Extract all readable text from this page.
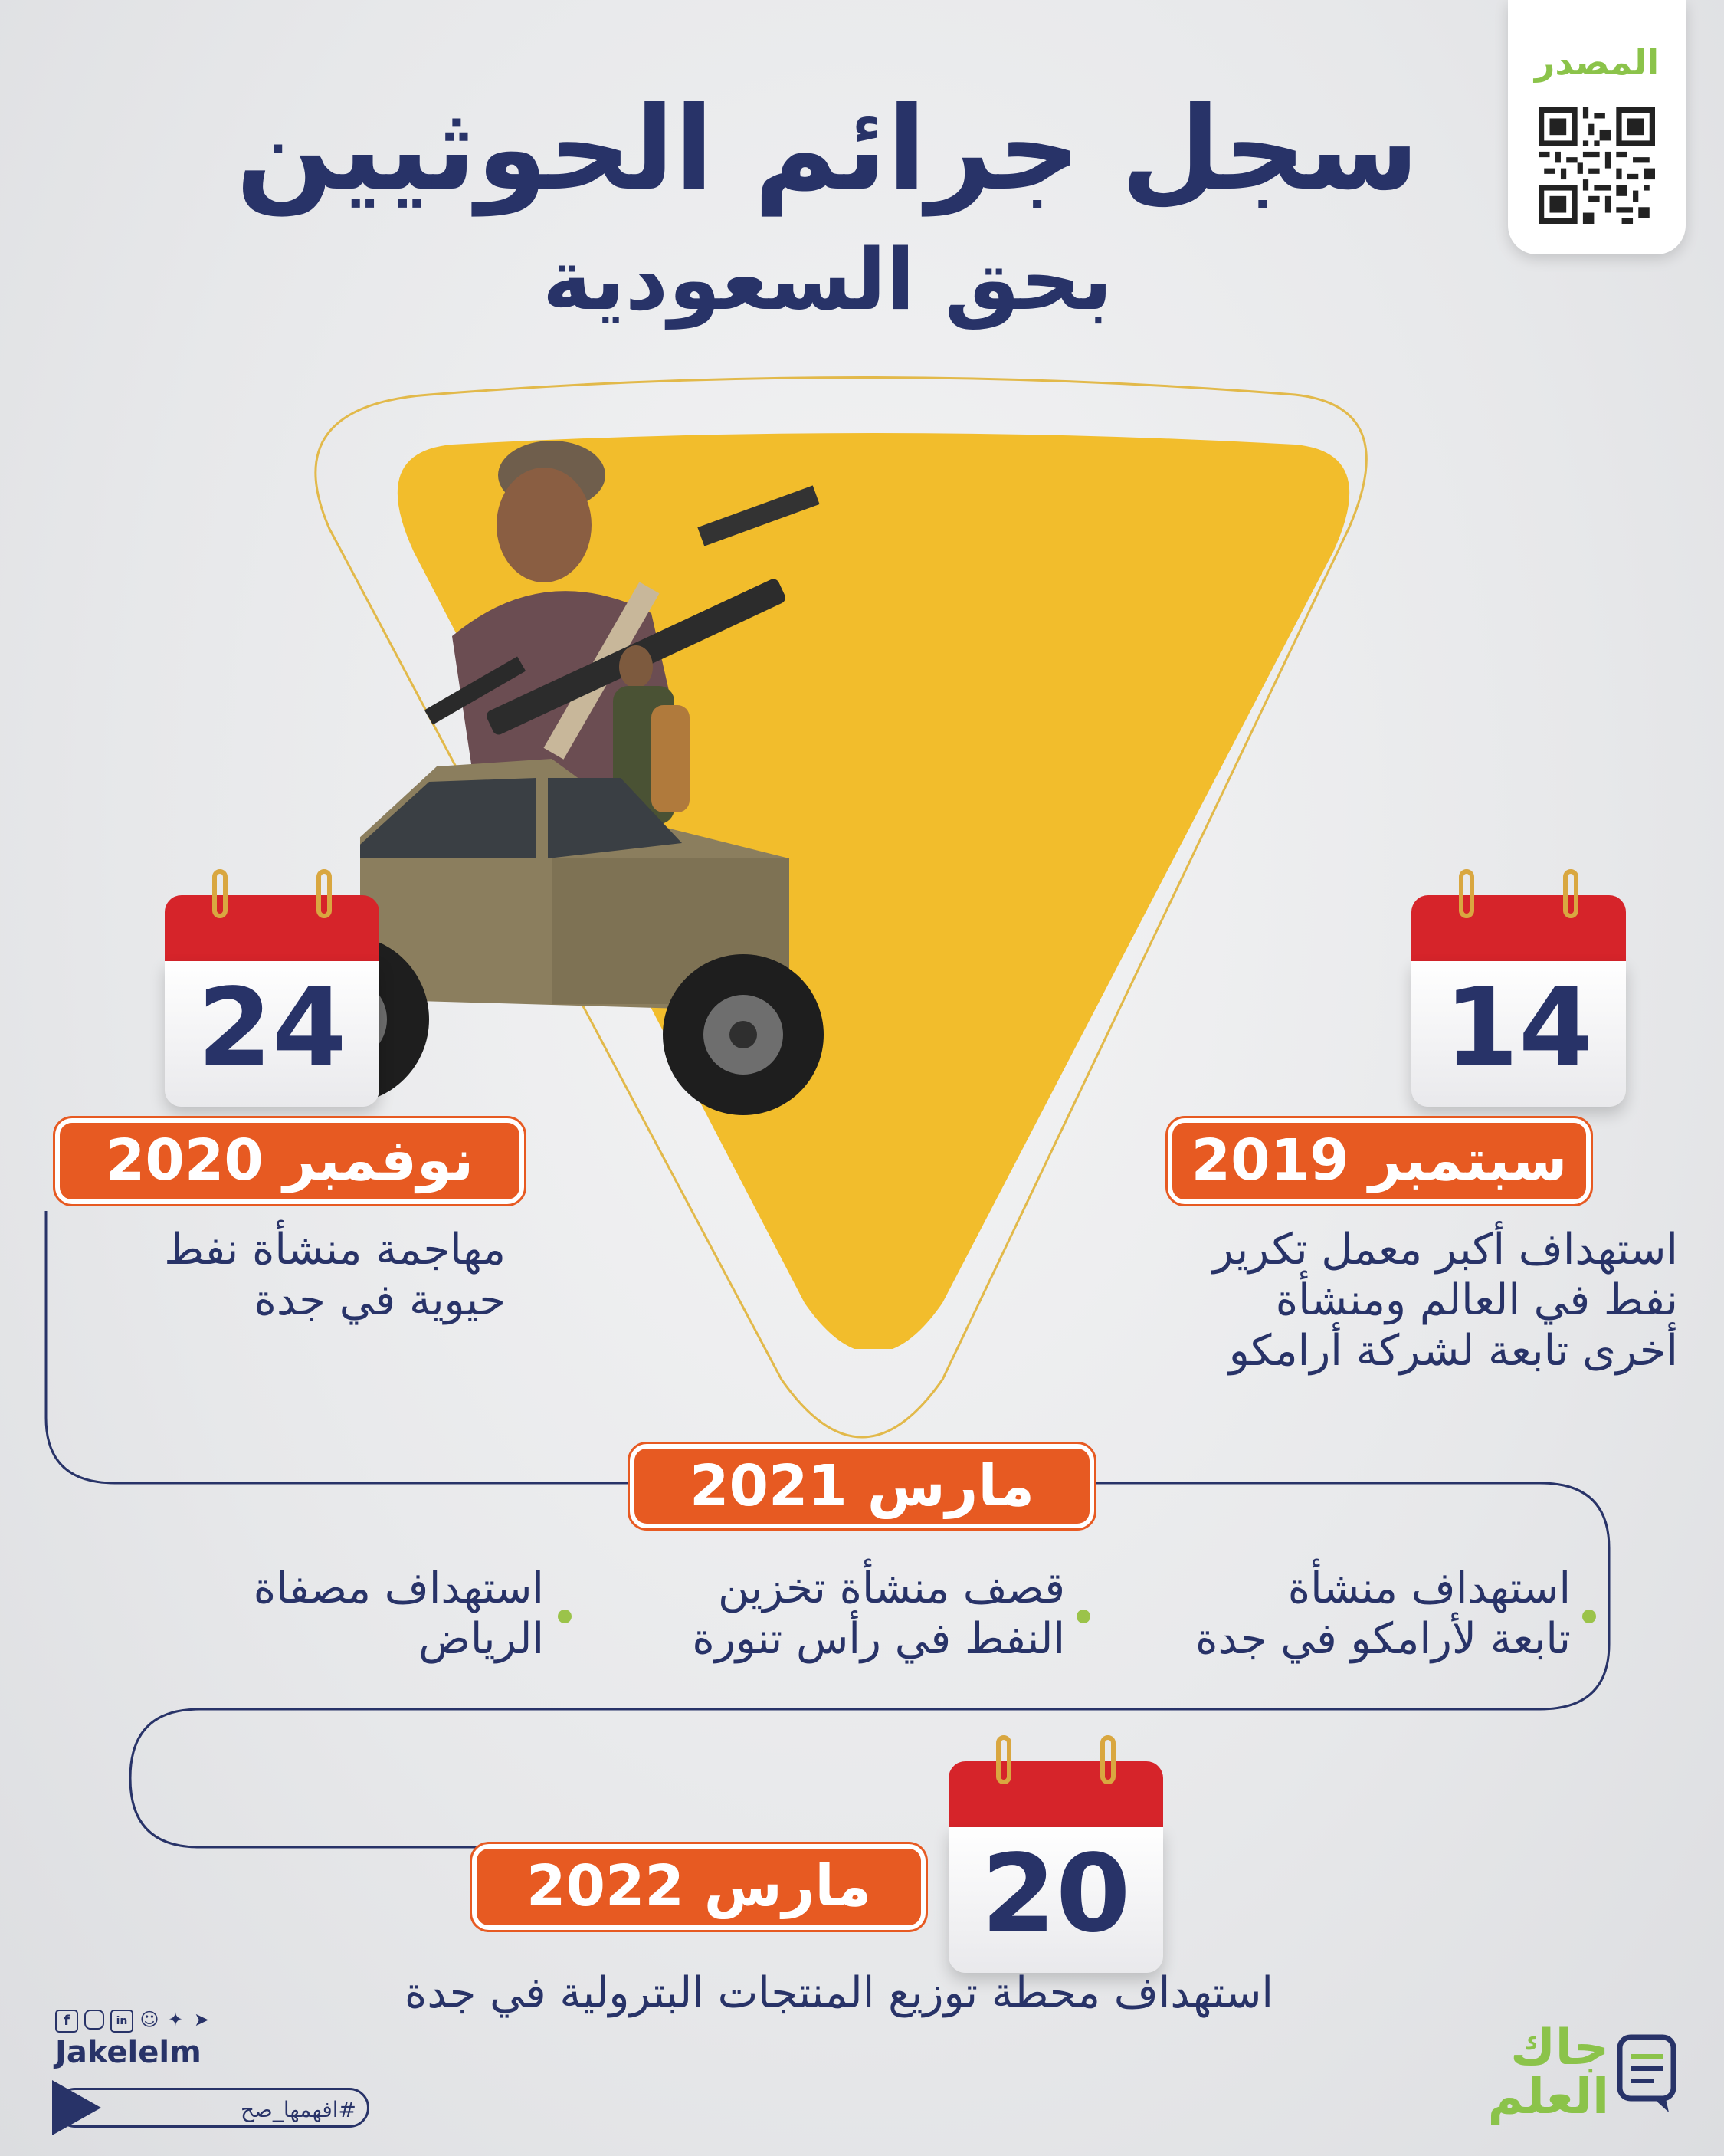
سجل جرائم الحوثيين
بحق السعودية
المصدر
14
سبتمبر 2019
استهداف أكبر معمل تكرير
نفط في العالم ومنشأة
أخرى تابعة لشركة أرامكو
24
نوفمبر 2020
مهاجمة منشأة نفط
حيوية في جدة
مارس 2021
استهداف منشأة
تابعة لأرامكو في جدة
قصف منشأة تخزين
النفط في رأس تنورة
استهداف مصفاة
الرياض
20
مارس 2022
استهداف محطة توزيع المنتجات البترولية في جدة
f	in ☺ ✦ ➤
Jakelelm
#افهمها_صح
جاك
العلم
